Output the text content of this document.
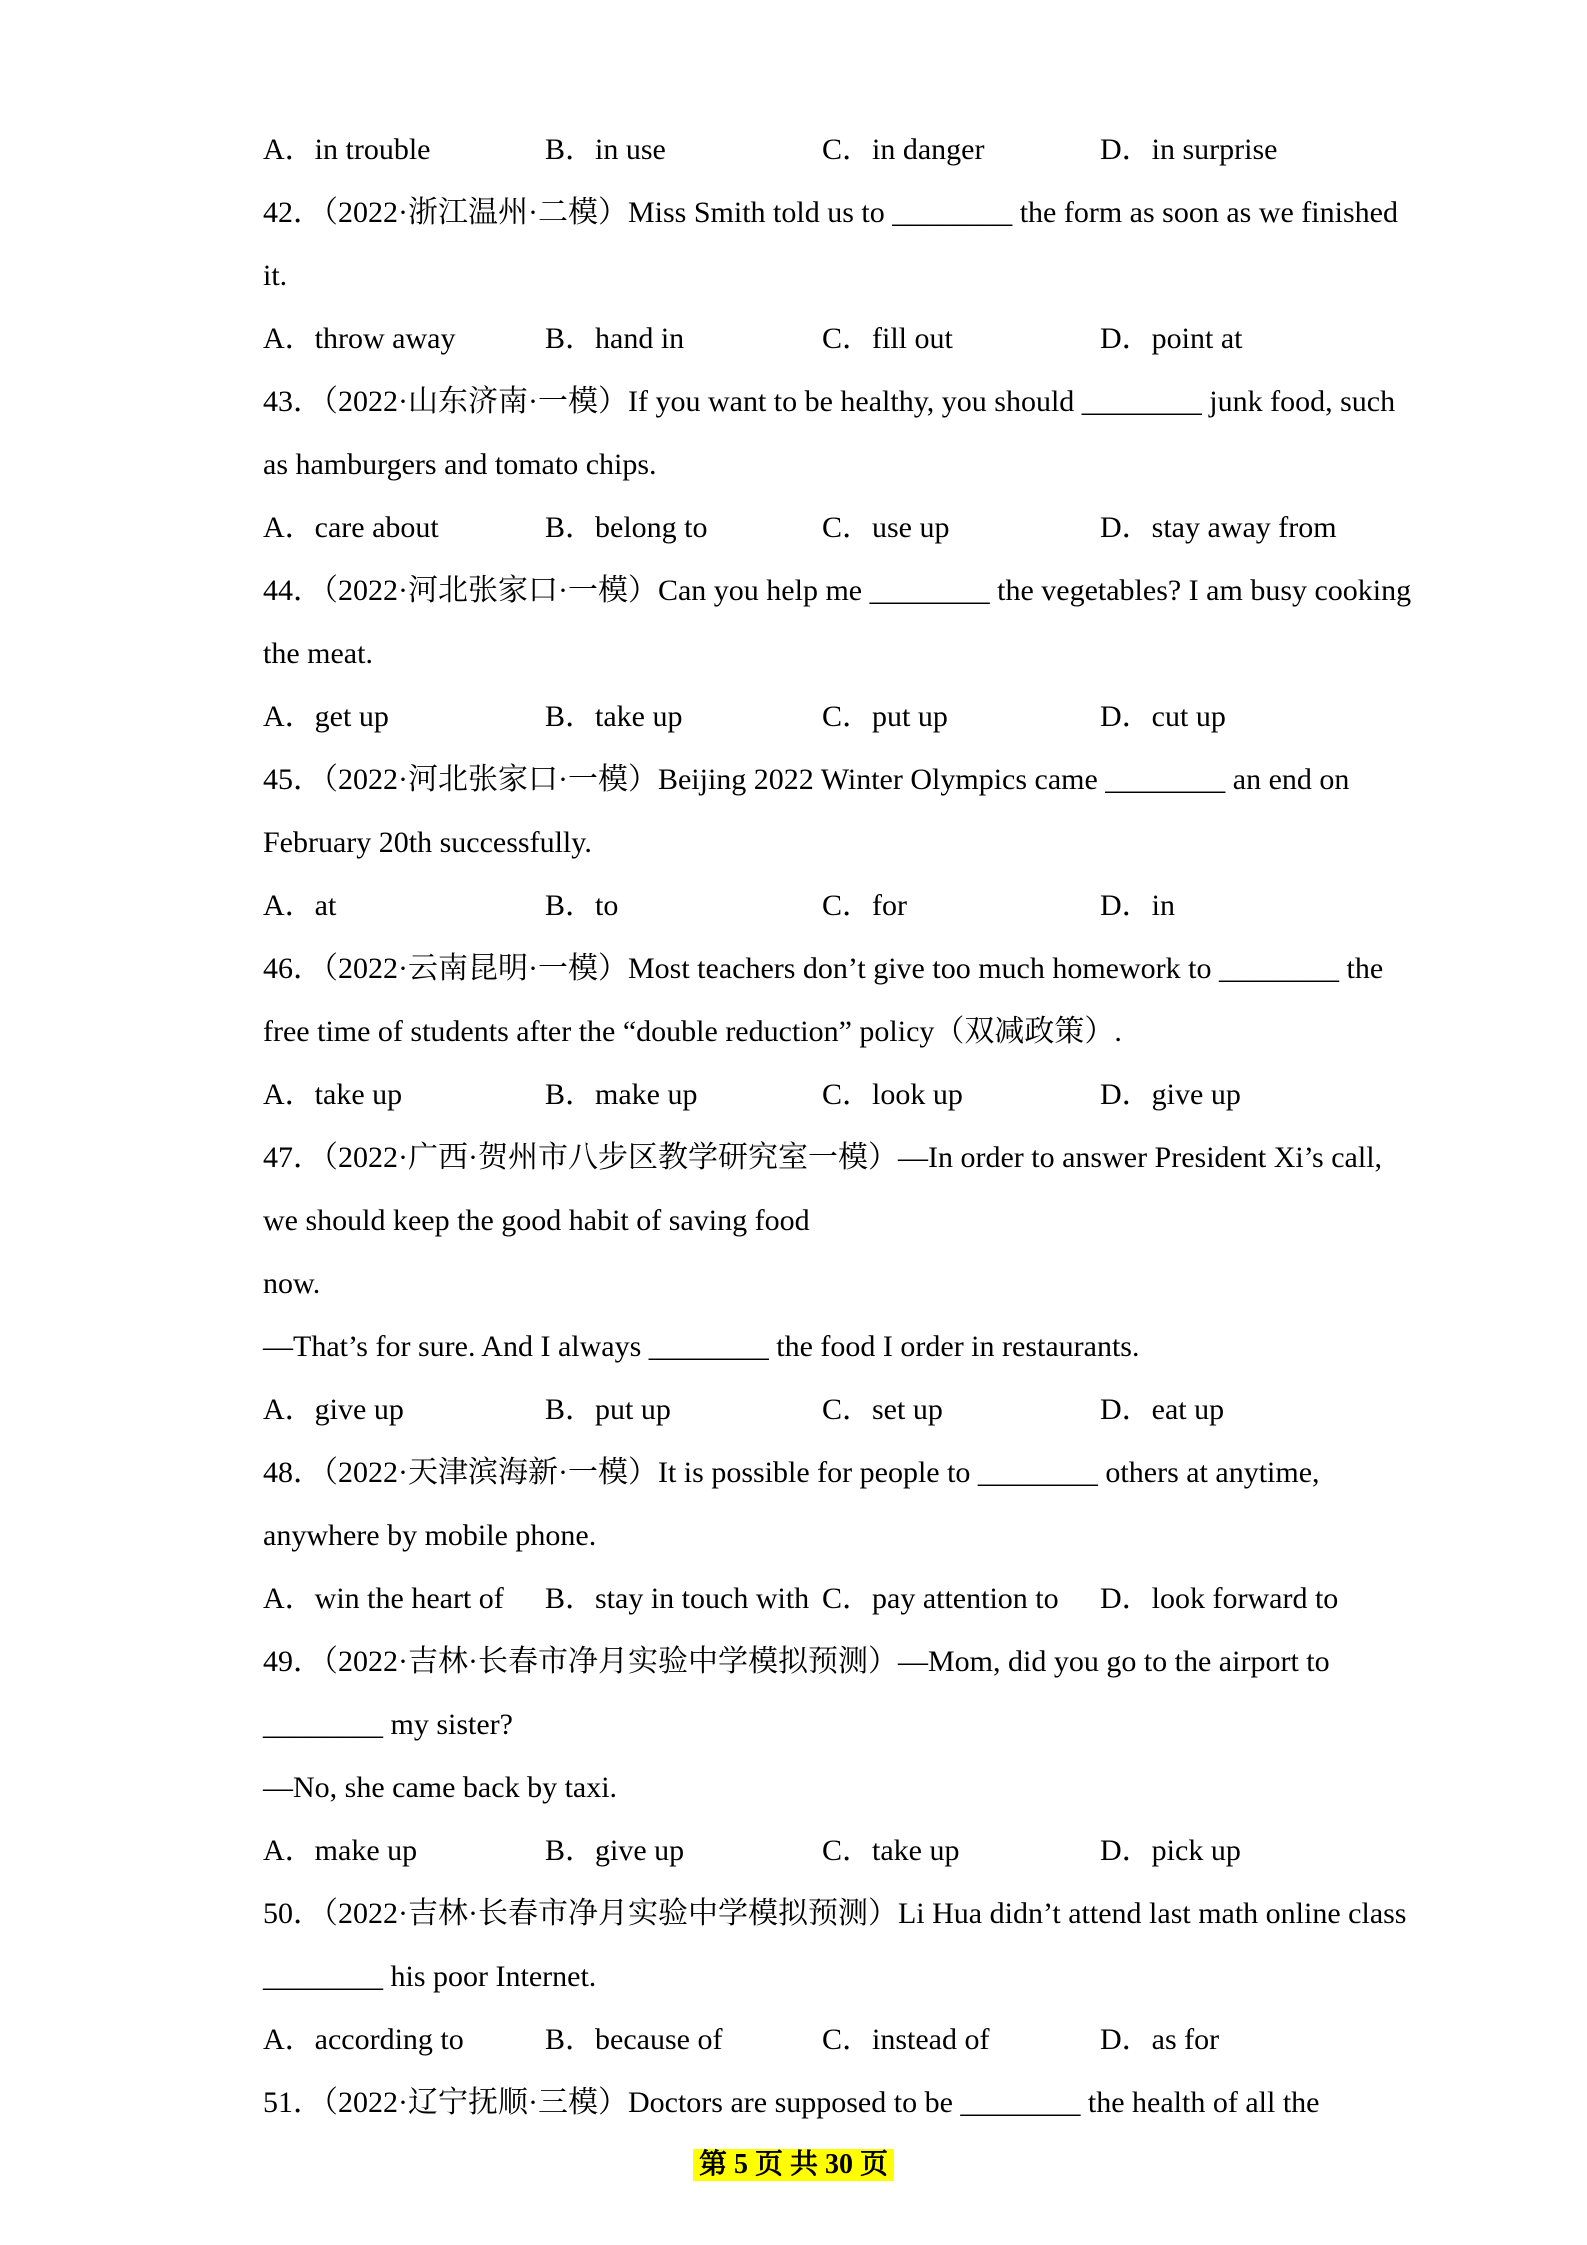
A．in trouble	B．in use	C．in danger	D．in surprise
42．（2022·浙江温州·二模）Miss Smith told us to ________ the form as soon as we finished
it.
A．throw away	B．hand in	C．fill out	D．point at
43．（2022·山东济南·一模）If you want to be healthy, you should ________ junk food, such
as hamburgers and tomato chips.
A．care about	B．belong to	C．use up	D．stay away from
44．（2022·河北张家口·一模）Can you help me ________ the vegetables? I am busy cooking
the meat.
A．get up	B．take up	C．put up	D．cut up
45．（2022·河北张家口·一模）Beijing 2022 Winter Olympics came ________ an end on
February 20th successfully.
A．at	B．to	C．for	D．in
46．（2022·云南昆明·一模）Most teachers don’t give too much homework to ________ the
free time of students after the “double reduction” policy（双减政策）.
A．take up	B．make up	C．look up	D．give up
47．（2022·广西·贺州市八步区教学研究室一模）—In order to answer President Xi’s call,
we should keep the good habit of saving food
now.
—That’s for sure. And I always ________ the food I order in restaurants.
A．give up	B．put up	C．set up	D．eat up
48．（2022·天津滨海新·一模）It is possible for people to ________ others at anytime,
anywhere by mobile phone.
A．win the heart of B．stay in touch with C．pay attention to D．look forward to
49．（2022·吉林·长春市净月实验中学模拟预测）—Mom, did you go to the airport to
________ my sister?
—No, she came back by taxi.
A．make up	B．give up	C．take up	D．pick up
50．（2022·吉林·长春市净月实验中学模拟预测）Li Hua didn’t attend last math online class
________ his poor Internet.
A．according to	B．because of	C．instead of	D．as for
51．（2022·辽宁抚顺·三模）Doctors are supposed to be ________ the health of all the
第 5 页 共 30 页
